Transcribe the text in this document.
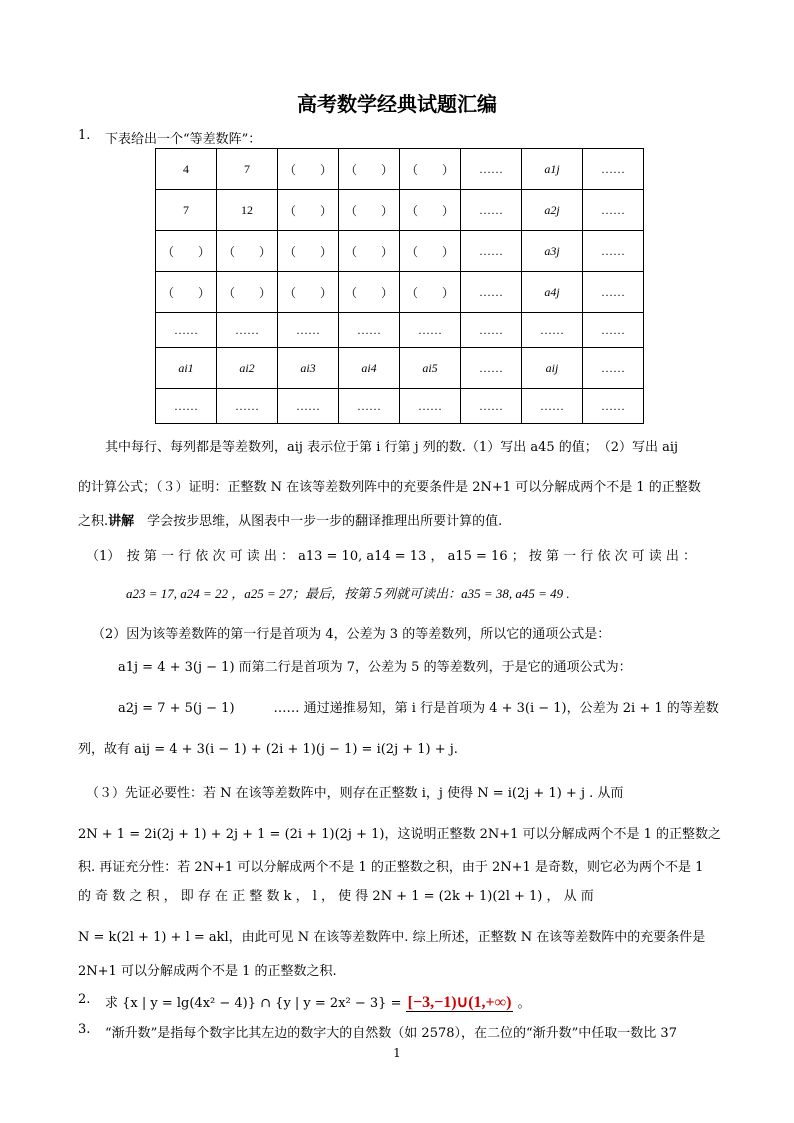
高考数学经典试题汇编
1. 下表给出一个“等差数阵”：
4	7	（　　）	（　　）	（　　）	……	a1j	……
7	12	（　　）	（　　）	（　　）	……	a2j	……
（　　）	（　　）	（　　）	（　　）	（　　）	……	a3j	……
（　　）	（　　）	（　　）	（　　）	（　　）	……	a4j	……
……	……	……	……	……	……	……	……
ai1	ai2	ai3	ai4	ai5	……	aij	……
……	……	……	……	……	……	……	……
其中每行、每列都是等差数列，aij 表示位于第 i 行第 j 列的数.（1）写出 a45 的值；　（2）写出 aij
的计算公式；（３）证明：正整数 N 在该等差数列阵中的充要条件是 2N+1 可以分解成两个不是 1 的正整数
之积.讲解　学会按步思维，从图表中一步一步的翻译推理出所要计算的值.
（1）　按 第 一 行 依 次 可 读 出 ： a13 = 10, a14 = 13 ， a15 = 16 ； 按 第 一 行 依 次 可 读 出 ：
a23 = 17, a24 = 22 ，a25 = 27；最后，按第５列就可读出：a35 = 38, a45 = 49 .
（2）因为该等差数阵的第一行是首项为 4，公差为 3 的等差数列，所以它的通项公式是：
a1j = 4 + 3(j − 1) 而第二行是首项为 7，公差为 5 的等差数列，于是它的通项公式为：
a2j = 7 + 5(j − 1)　　　…… 通过递推易知，第 i 行是首项为 4 + 3(i − 1)，公差为 2i + 1 的等差数
列，故有 aij = 4 + 3(i − 1) + (2i + 1)(j − 1) = i(2j + 1) + j.
（３）先证必要性：若 N 在该等差数阵中，则存在正整数 i，j 使得 N = i(2j + 1) + j . 从而
2N + 1 = 2i(2j + 1) + 2j + 1 = (2i + 1)(2j + 1)，这说明正整数 2N+1 可以分解成两个不是 1 的正整数之
积. 再证充分性：若 2N+1 可以分解成两个不是 1 的正整数之积，由于 2N+1 是奇数，则它必为两个不是 1
的 奇 数 之 积 ， 即 存 在 正 整 数 k ， l ， 使 得 2N + 1 = (2k + 1)(2l + 1) ， 从 而
N = k(2l + 1) + l = akl，由此可见 N 在该等差数阵中. 综上所述，正整数 N 在该等差数阵中的充要条件是
2N+1 可以分解成两个不是 1 的正整数之积.
2. 求 {x | y = lg(4x² − 4)} ∩ {y | y = 2x² − 3} = [−3,−1)∪(1,+∞) 。
3. “渐升数”是指每个数字比其左边的数字大的自然数（如 2578），在二位的“渐升数”中任取一数比 37
1
